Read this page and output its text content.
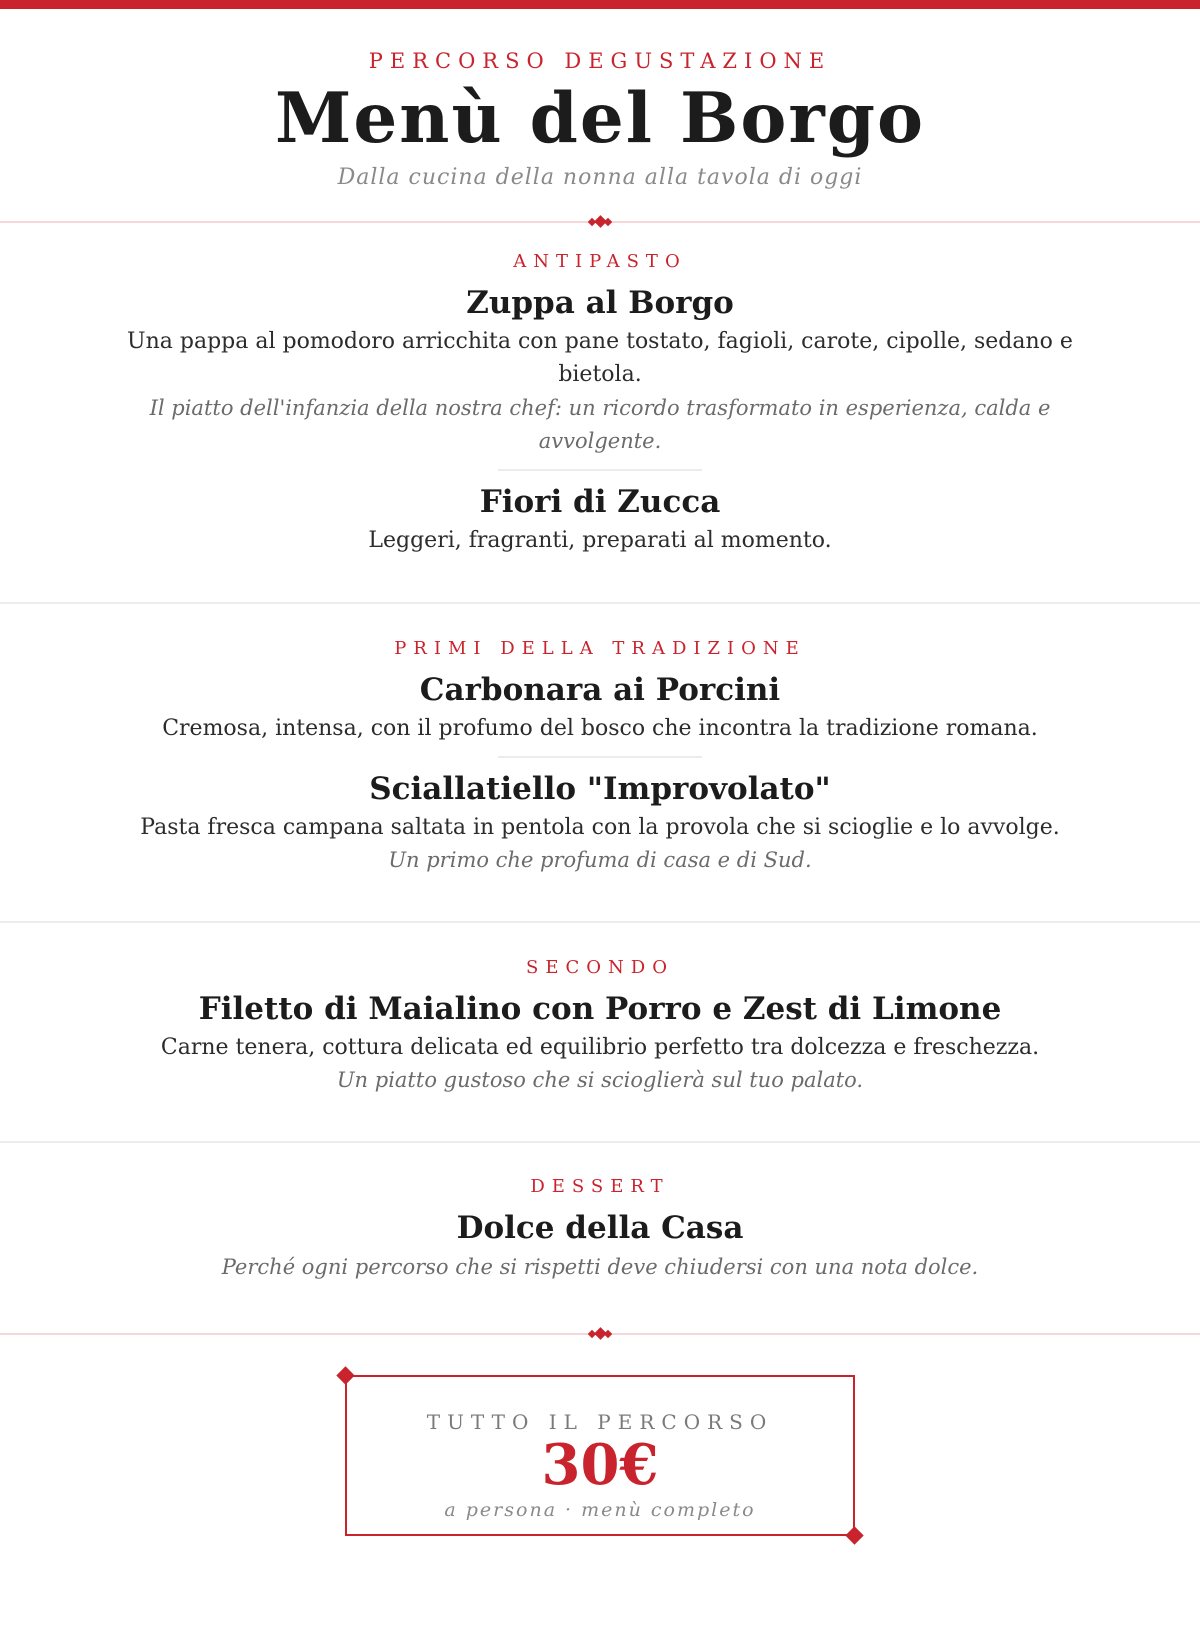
PERCORSO DEGUSTAZIONE

Menù del Borgo

Dalla cucina della nonna alla tavola di oggi

ANTIPASTO
Zuppa al Borgo
Una pappa al pomodoro arricchita con pane tostato, fagioli, carote, cipolle, sedano e bietola.
Il piatto dell'infanzia della nostra chef: un ricordo trasformato in esperienza, calda e avvolgente.
Fiori di Zucca
Leggeri, fragranti, preparati al momento.
PRIMI DELLA TRADIZIONE
Carbonara ai Porcini
Cremosa, intensa, con il profumo del bosco che incontra la tradizione romana.
Sciallatiello "Improvolato"
Pasta fresca campana saltata in pentola con la provola che si scioglie e lo avvolge.
Un primo che profuma di casa e di Sud.
SECONDO
Filetto di Maialino con Porro e Zest di Limone
Carne tenera, cottura delicata ed equilibrio perfetto tra dolcezza e freschezza.
Un piatto gustoso che si scioglierà sul tuo palato.
DESSERT
Dolce della Casa
Perché ogni percorso che si rispetti deve chiudersi con una nota dolce.
TUTTO IL PERCORSO
30€
a persona · menù completo
